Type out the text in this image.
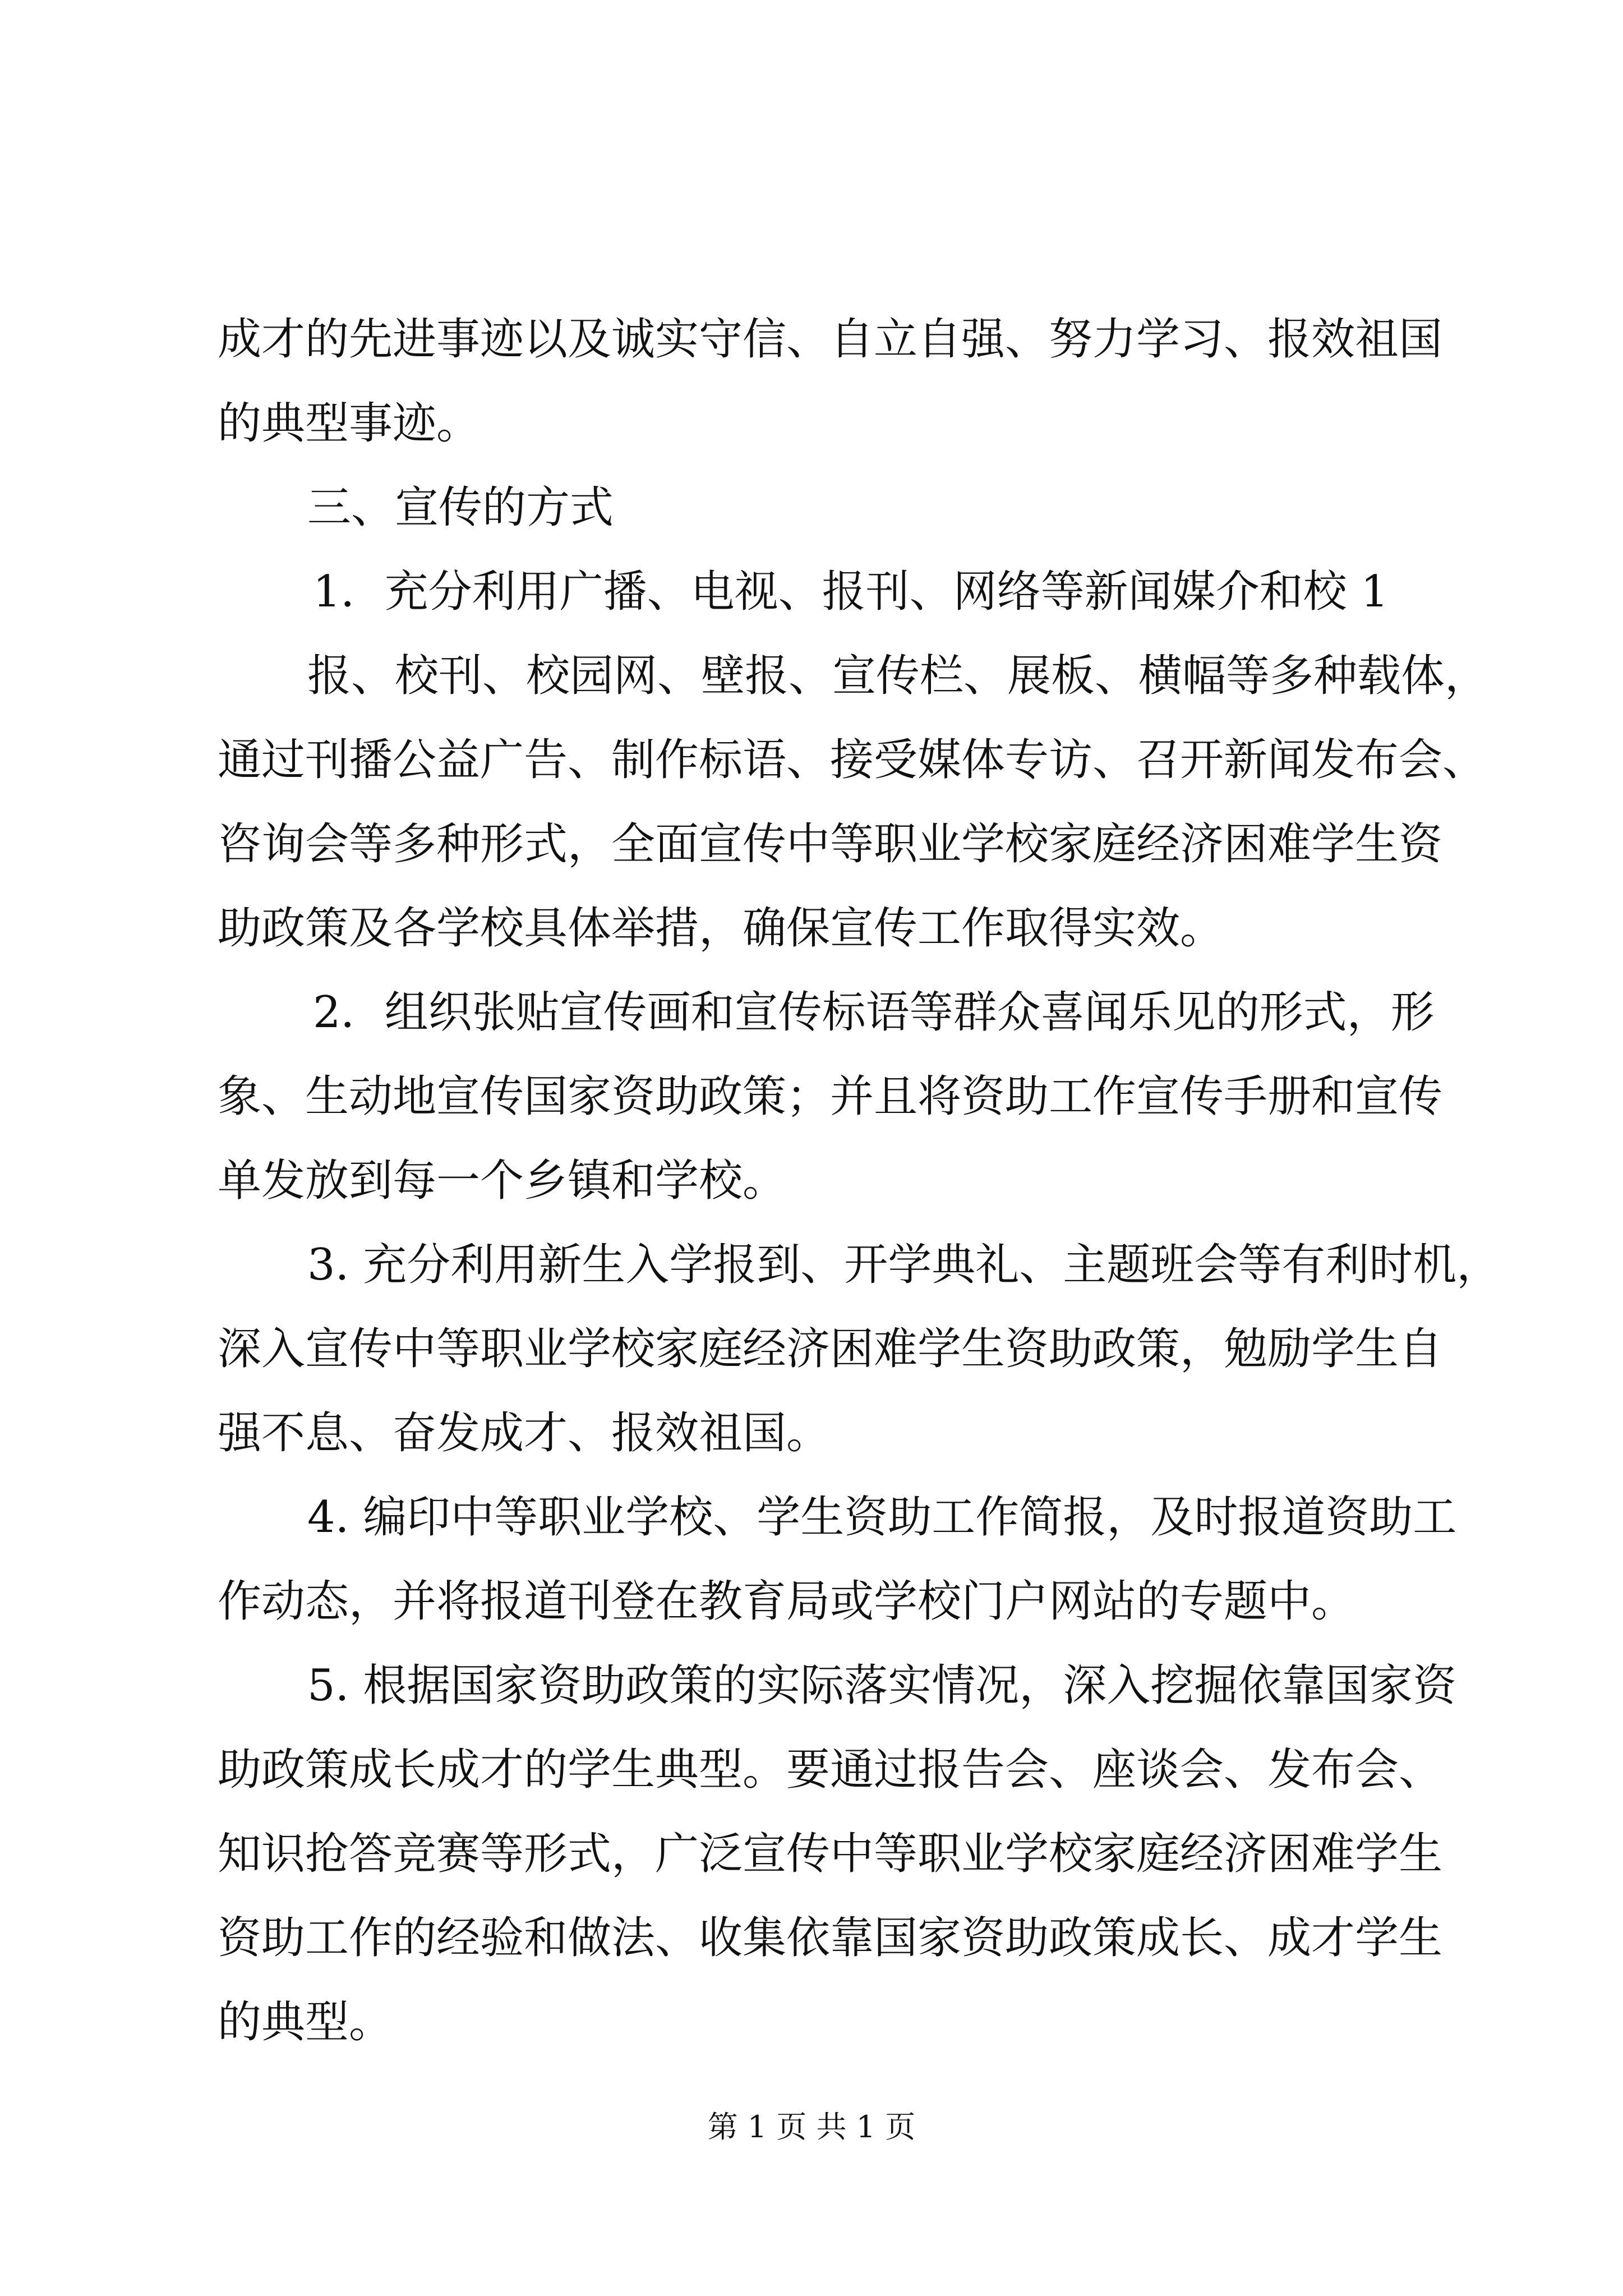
成才的先进事迹以及诚实守信、自立自强、努力学习、报效祖国

的典型事迹。

三、宣传的方式

1．充分利用广播、电视、报刊、网络等新闻媒介和校 1

报、校刊、校园网、壁报、宣传栏、展板、横幅等多种载体，

通过刊播公益广告、制作标语、接受媒体专访、召开新闻发布会、

咨询会等多种形式，全面宣传中等职业学校家庭经济困难学生资

助政策及各学校具体举措，确保宣传工作取得实效。

2．组织张贴宣传画和宣传标语等群众喜闻乐见的形式，形

象、生动地宣传国家资助政策；并且将资助工作宣传手册和宣传

单发放到每一个乡镇和学校。

3. 充分利用新生入学报到、开学典礼、主题班会等有利时机，

深入宣传中等职业学校家庭经济困难学生资助政策，勉励学生自

强不息、奋发成才、报效祖国。

4. 编印中等职业学校、学生资助工作简报，及时报道资助工

作动态，并将报道刊登在教育局或学校门户网站的专题中。

5. 根据国家资助政策的实际落实情况，深入挖掘依靠国家资

助政策成长成才的学生典型。要通过报告会、座谈会、发布会、

知识抢答竞赛等形式，广泛宣传中等职业学校家庭经济困难学生

资助工作的经验和做法、收集依靠国家资助政策成长、成才学生

的典型。

第 1 页 共 1 页
